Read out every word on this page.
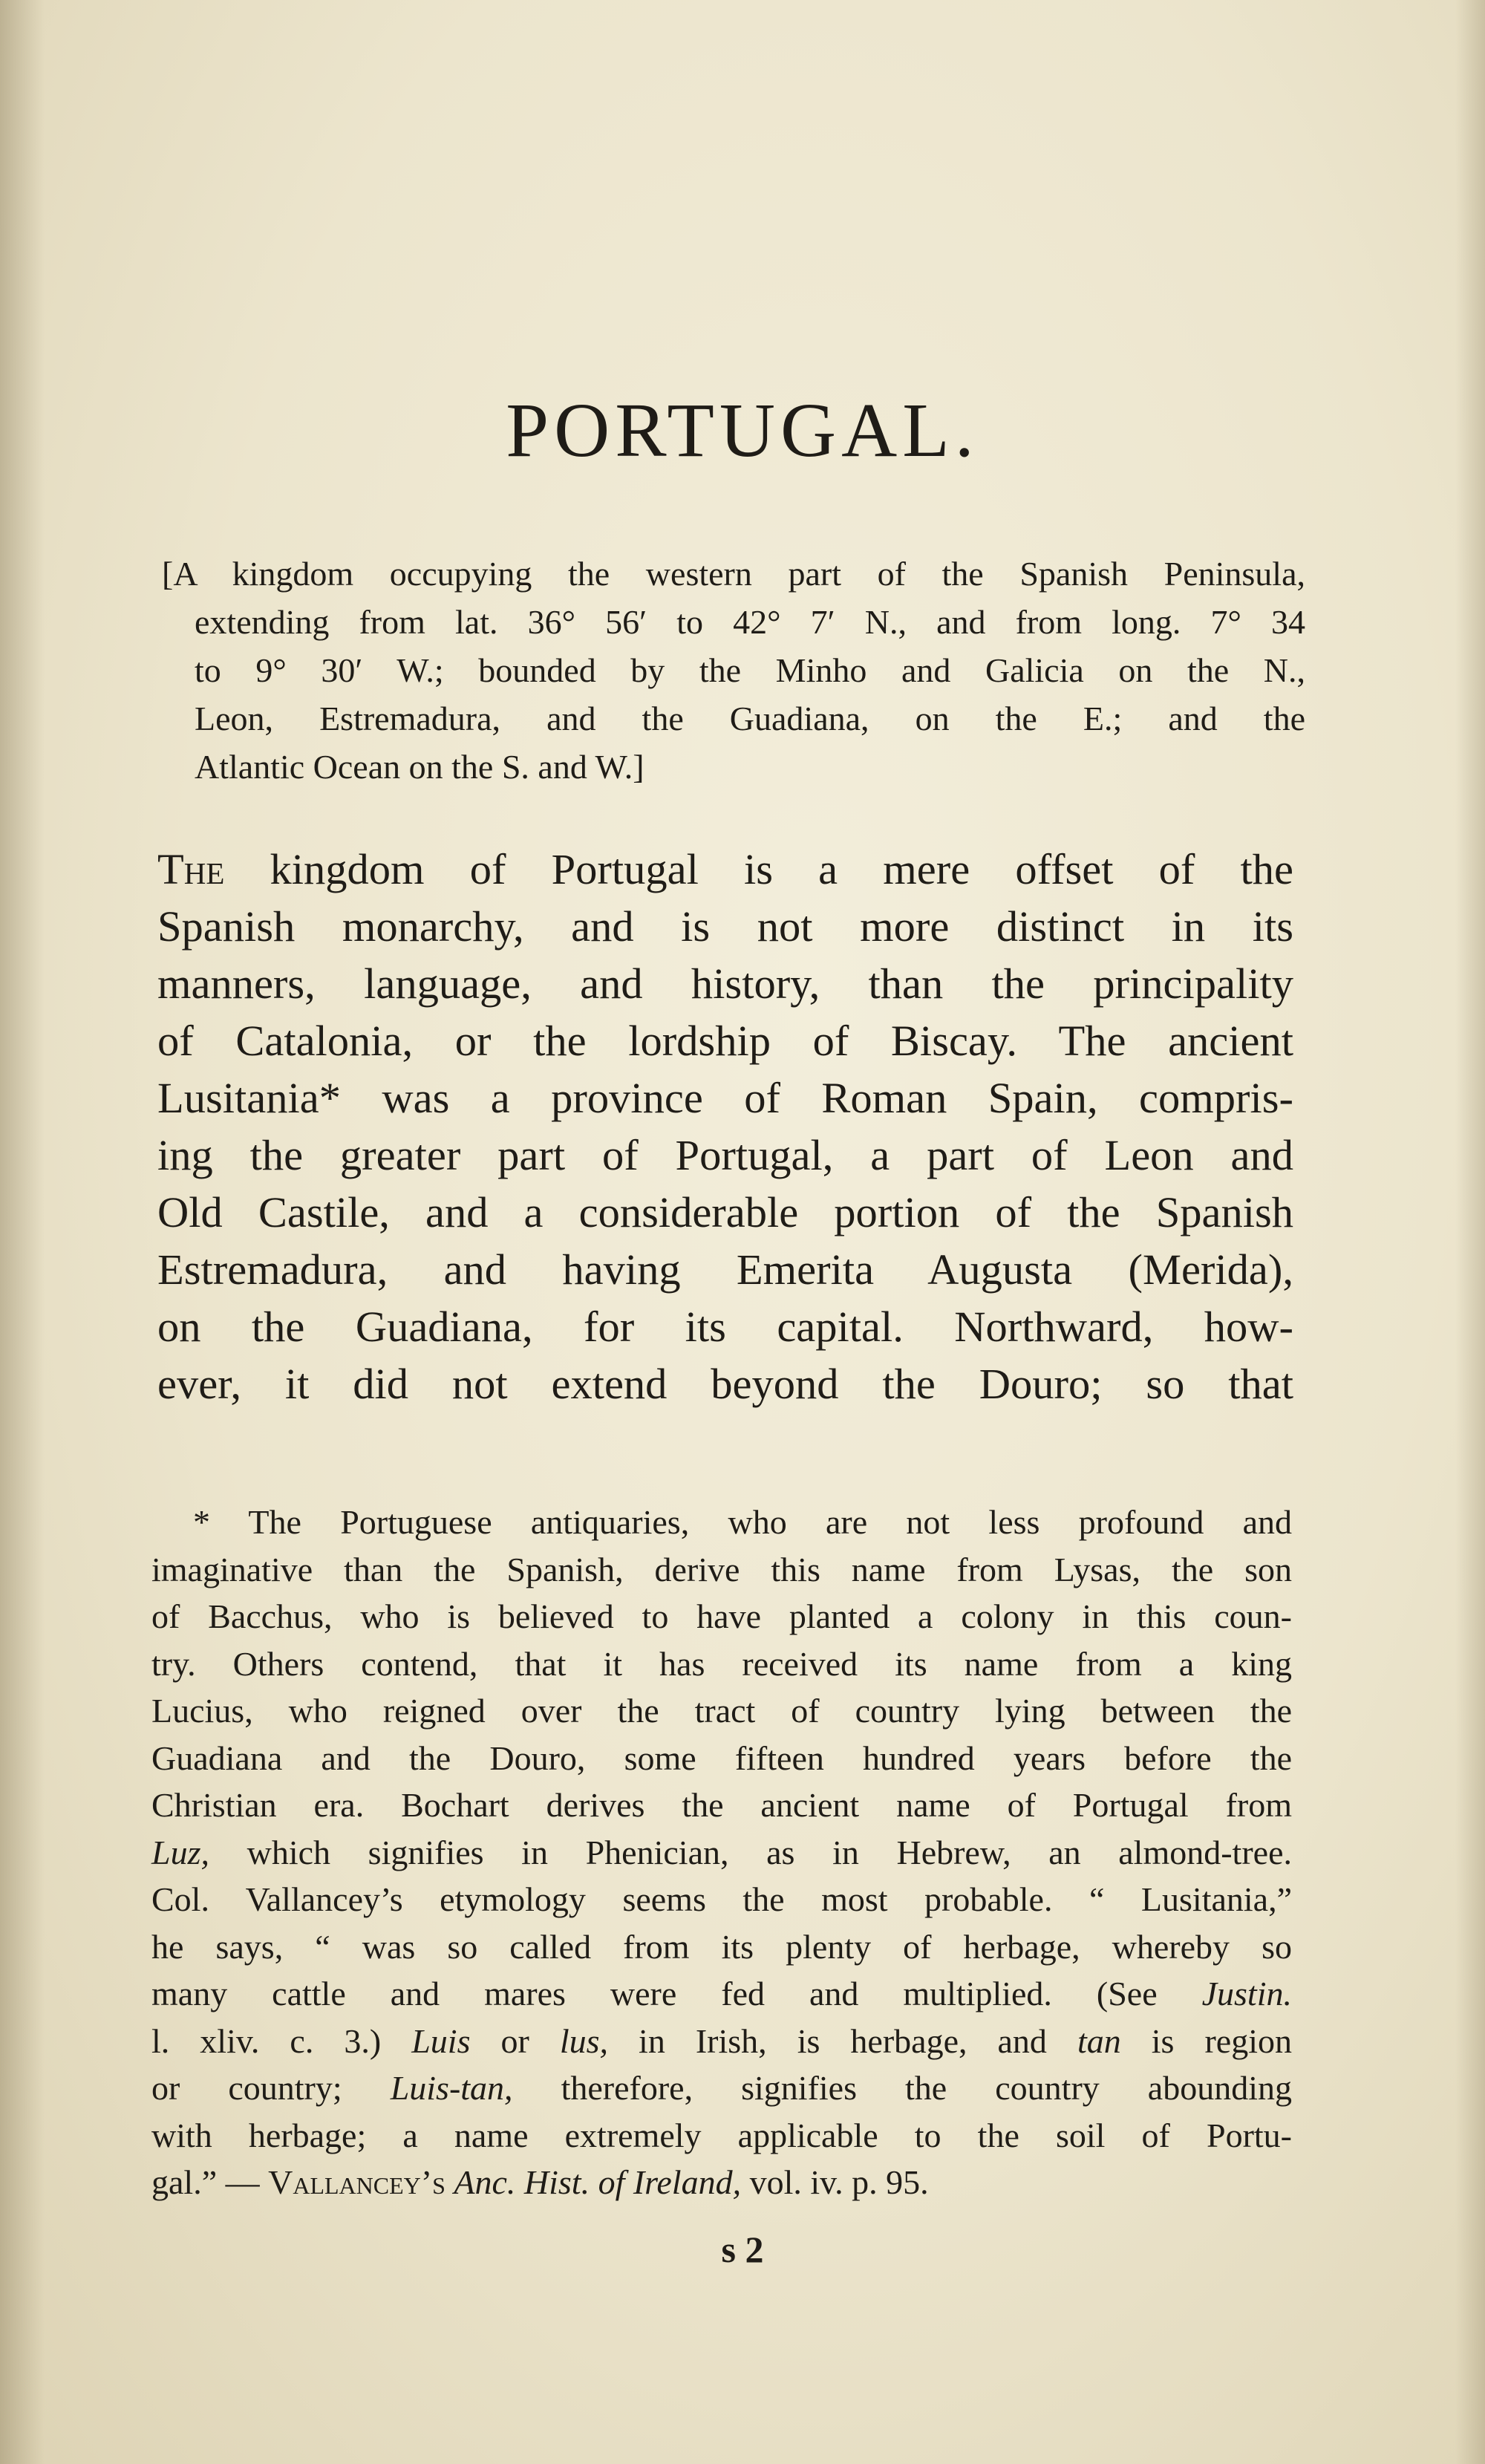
PORTUGAL.

[A kingdom occupying the western part of the Spanish Peninsula,
extending from lat. 36° 56′ to 42° 7′ N., and from long. 7° 34
to 9° 30′ W.; bounded by the Minho and Galicia on the N.,
Leon, Estremadura, and the Guadiana, on the E.; and the
Atlantic Ocean on the S. and W.]

The kingdom of Portugal is a mere offset of the
Spanish monarchy, and is not more distinct in its
manners, language, and history, than the principality
of Catalonia, or the lordship of Biscay. The ancient
Lusitania* was a province of Roman Spain, compris-
ing the greater part of Portugal, a part of Leon and
Old Castile, and a considerable portion of the Spanish
Estremadura, and having Emerita Augusta (Merida),
on the Guadiana, for its capital. Northward, how-
ever, it did not extend beyond the Douro; so that

* The Portuguese antiquaries, who are not less profound and
imaginative than the Spanish, derive this name from Lysas, the son
of Bacchus, who is believed to have planted a colony in this coun-
try. Others contend, that it has received its name from a king
Lucius, who reigned over the tract of country lying between the
Guadiana and the Douro, some fifteen hundred years before the
Christian era. Bochart derives the ancient name of Portugal from
Luz, which signifies in Phenician, as in Hebrew, an almond-tree.
Col. Vallancey’s etymology seems the most probable. “ Lusitania,”
he says, “ was so called from its plenty of herbage, whereby so
many cattle and mares were fed and multiplied. (See Justin.
l. xliv. c. 3.) Luis or lus, in Irish, is herbage, and tan is region
or country; Luis-tan, therefore, signifies the country abounding
with herbage; a name extremely applicable to the soil of Portu-
gal.” — Vallancey’s Anc. Hist. of Ireland, vol. iv. p. 95.

s 2
